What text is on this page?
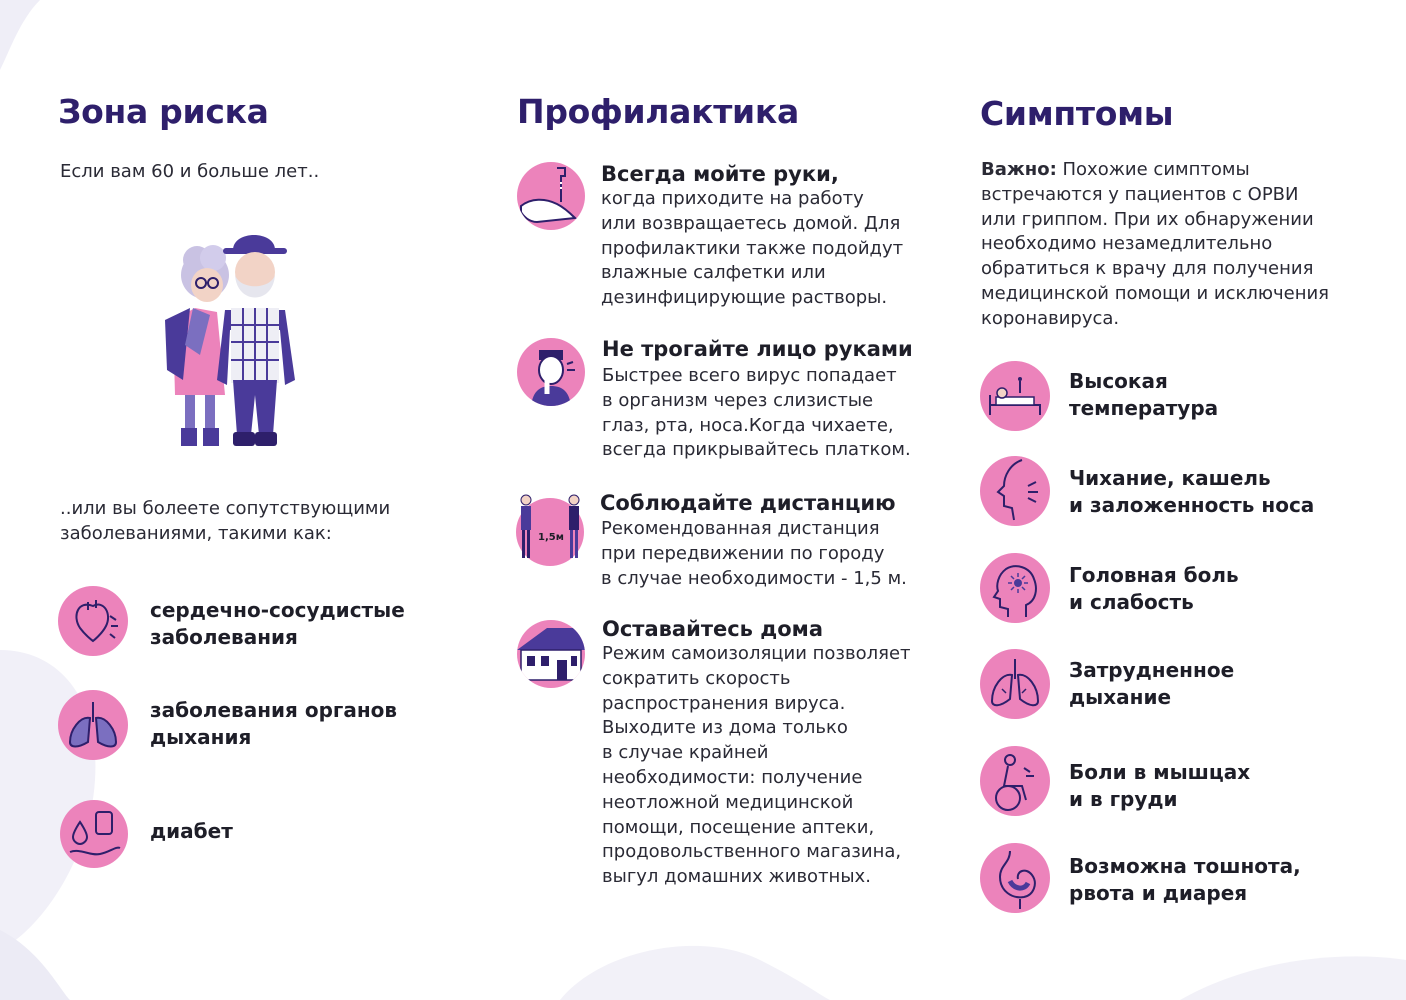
Зона риска
Если вам 60 и больше лет..
..или вы болеете сопутствующими заболеваниями, такими как:
сердечно-сосудистые
заболевания
заболевания органов
дыхания
диабет
Профилактика
Всегда мойте руки,
когда приходите на работу
или возвращаетесь домой. Для
профилактики также подойдут
влажные салфетки или
дезинфицирующие растворы.
Не трогайте лицо руками
Быстрее всего вирус попадает
в организм через слизистые
глаз, рта, носа.Когда чихаете,
всегда прикрывайтесь платком.
1,5м
Соблюдайте дистанцию
Рекомендованная дистанция
при передвижении по городу
в случае необходимости - 1,5 м.
Оставайтесь дома
Режим самоизоляции позволяет
сократить скорость
распространения вируса.
Выходите из дома только
в случае крайней
необходимости: получение
неотложной медицинской
помощи, посещение аптеки,
продовольственного магазина,
выгул домашних животных.
Симптомы
Важно: Похожие симптомы
встречаются у пациентов с ОРВИ
или гриппом. При их обнаружении
необходимо незамедлительно
обратиться к врачу для получения
медицинской помощи и исключения
коронавируса.
Высокая
температура
Чихание, кашель
и заложенность носа
Головная боль
и слабость
Затрудненное
дыхание
Боли в мышцах
и в груди
Возможна тошнота,
рвота и диарея
